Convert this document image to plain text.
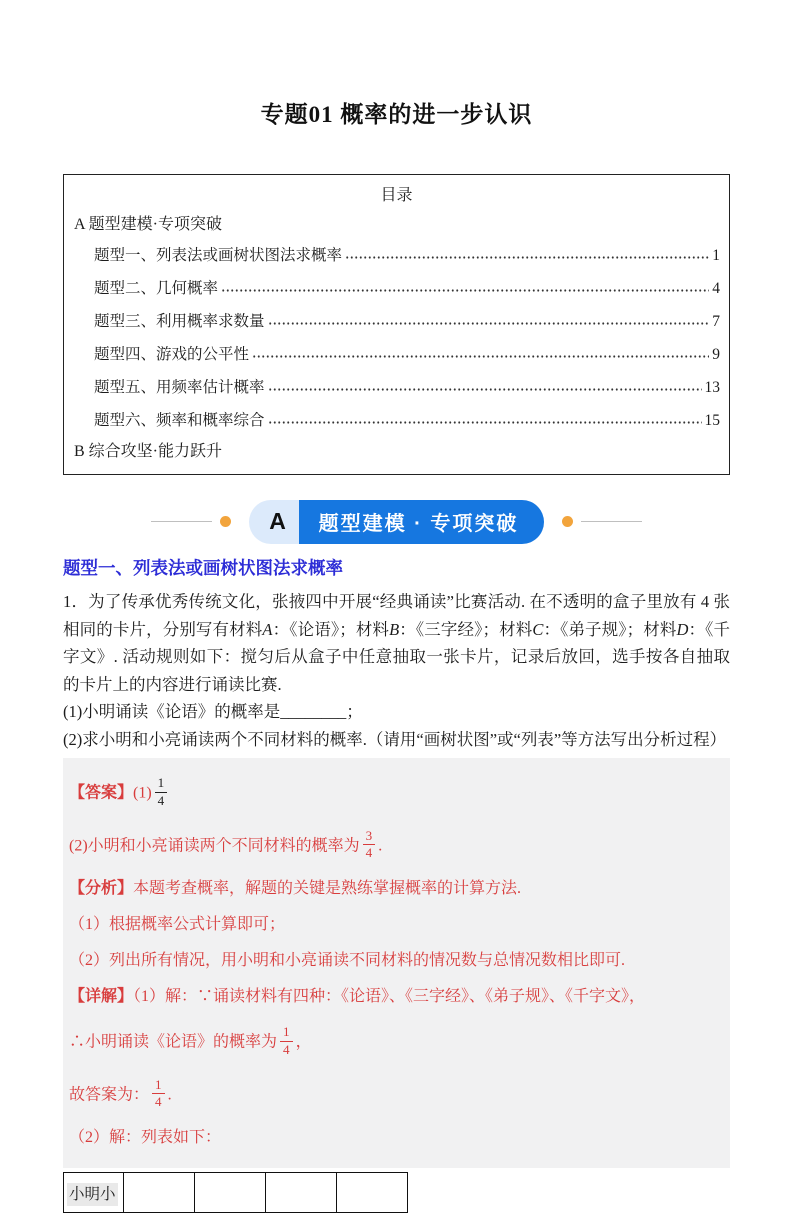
专题01 概率的进一步认识
目录
A 题型建模·专项突破
题型一、列表法或画树状图法求概率	1
题型二、几何概率	4
题型三、利用概率求数量	7
题型四、游戏的公平性	9
题型五、用频率估计概率	13
题型六、频率和概率综合	15
B 综合攻坚·能力跃升
A	题型建模 · 专项突破
题型一、列表法或画树状图法求概率

1．为了传承优秀传统文化，张掖四中开展“经典诵读”比赛活动. 在不透明的盒子里放有 4 张相同的卡片，分别写有材料A：《论语》；材料B：《三字经》；材料C：《弟子规》；材料D：《千字文》. 活动规则如下：搅匀后从盒子中任意抽取一张卡片，记录后放回，选手按各自抽取的卡片上的内容进行诵读比赛.

(1)小明诵读《论语》的概率是________；

(2)求小明和小亮诵读两个不同材料的概率.（请用“画树状图”或“列表”等方法写出分析过程）

【答案】$(1) \frac{1}{4}$
(2)小明和小亮诵读两个不同材料的概率为 $\frac{3}{4}$ .
【分析】本题考查概率，解题的关键是熟练掌握概率的计算方法.
（1）根据概率公式计算即可；
（2）列出所有情况，用小明和小亮诵读不同材料的情况数与总情况数相比即可.
【详解】（1）解：∵诵读材料有四种：《论语》、《三字经》、《弟子规》、《千字文》，
∴小明诵读《论语》的概率为 $\frac{1}{4}$ ，
故答案为： $\frac{1}{4}$ .
（2）解：列表如下：
小明小				
